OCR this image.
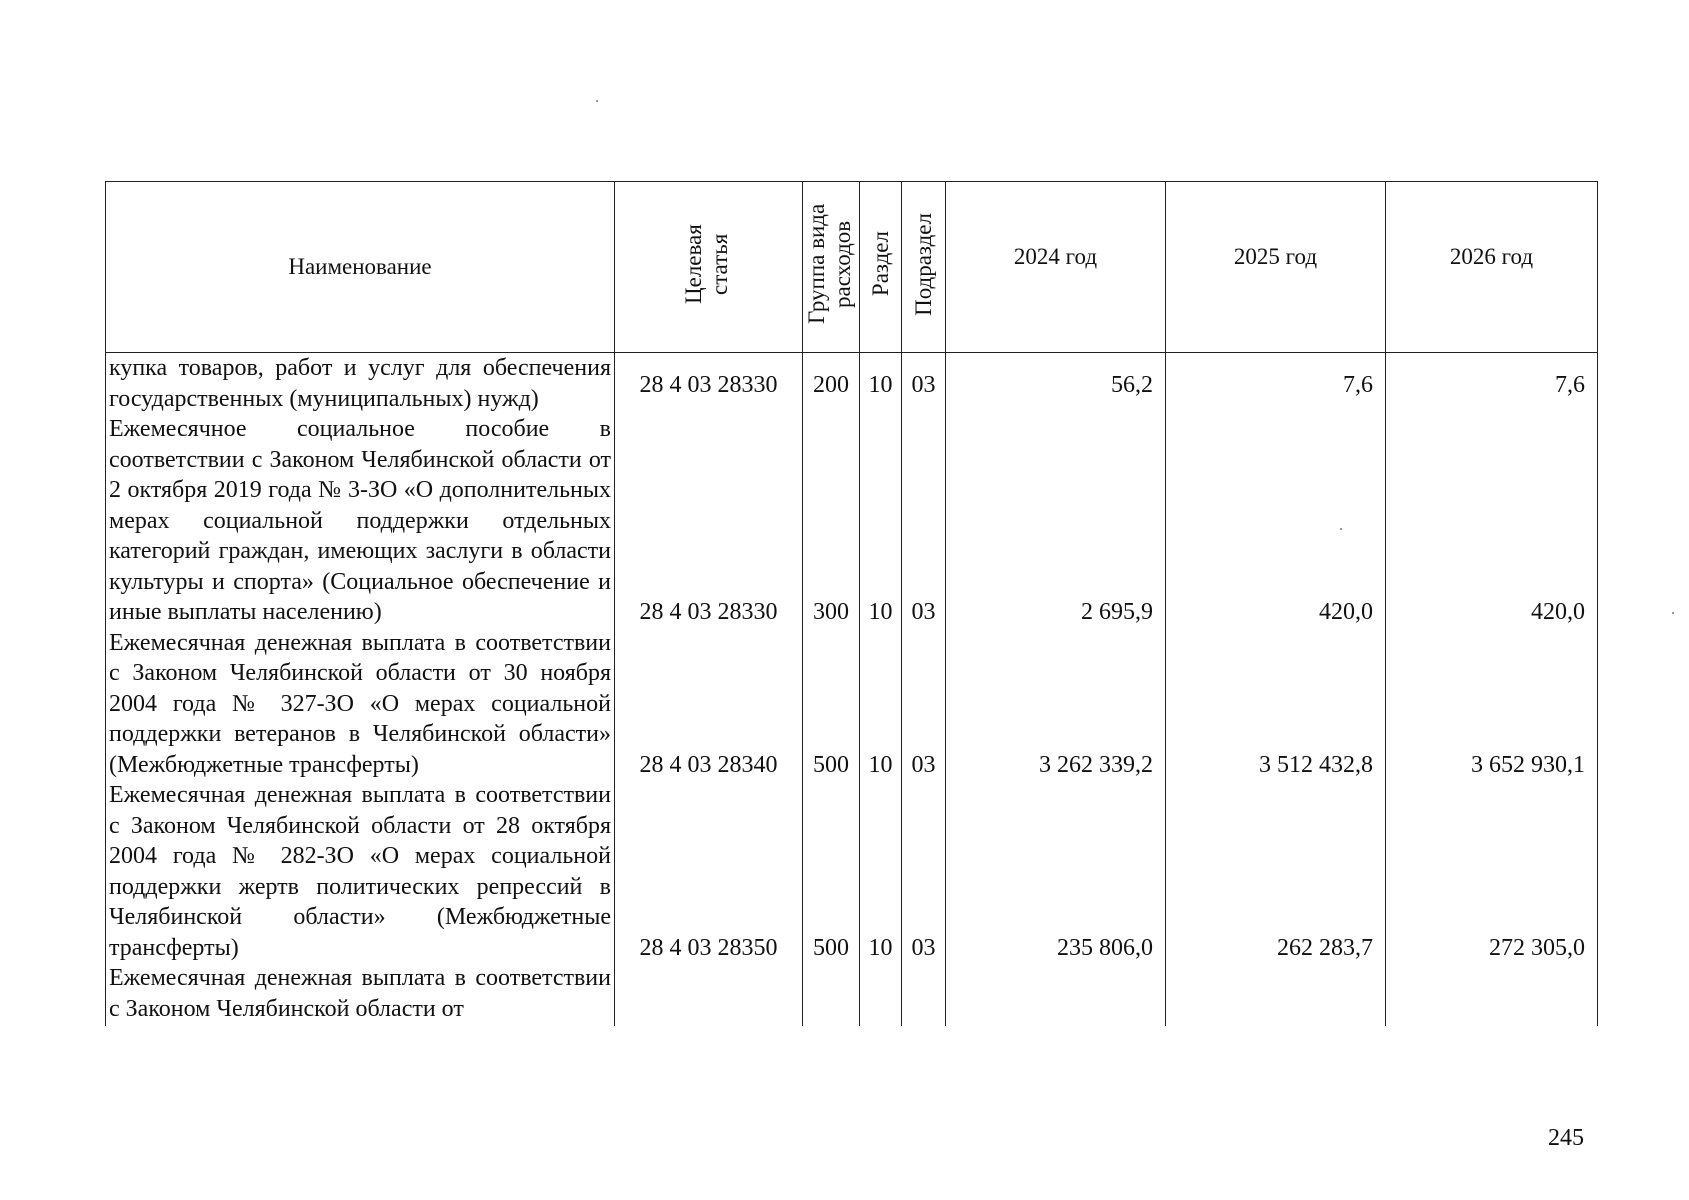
Наименование	Целевая статья	Группа вида расходов	Раздел	Подраздел	2024 год	2025 год	2026 год
купка товаров, работ и услуг для обеспечения государственных (муниципальных) нужд)	28 4 03 28330	200	10	03	56,2	7,6	7,6
Ежемесячное социальное пособие в соответствии с Законом Челябинской области от 2 октября 2019 года № 3-ЗО «О дополнительных мерах социальной поддержки отдельных категорий граждан, имеющих заслуги в области культуры и спорта» (Социальное обеспечение и иные выплаты населению)	28 4 03 28330	300	10	03	2 695,9	420,0	420,0
Ежемесячная денежная выплата в соответствии с Законом Челябинской области от 30 ноября 2004 года № 327-ЗО «О мерах социальной поддержки ветеранов в Челябинской области» (Межбюджетные трансферты)	28 4 03 28340	500	10	03	3 262 339,2	3 512 432,8	3 652 930,1
Ежемесячная денежная выплата в соответствии с Законом Челябинской области от 28 октября 2004 года № 282-ЗО «О мерах социальной поддержки жертв политических репрессий в Челябинской области» (Межбюджетные трансферты)	28 4 03 28350	500	10	03	235 806,0	262 283,7	272 305,0
Ежемесячная денежная выплата в соответствии с Законом Челябинской области от							
245
